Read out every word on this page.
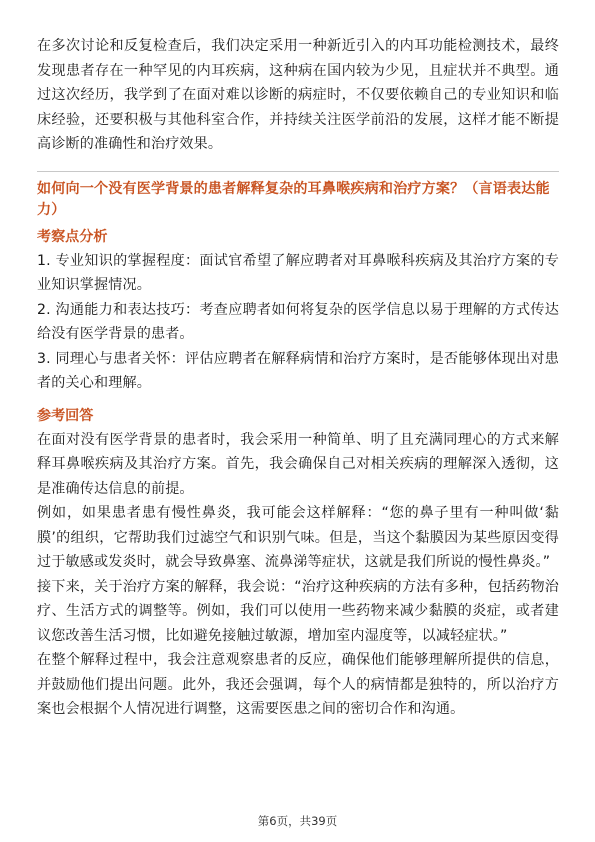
在多次讨论和反复检查后，我们决定采用一种新近引入的内耳功能检测技术，最终发现患者存在一种罕见的内耳疾病，这种病在国内较为少见，且症状并不典型。通过这次经历，我学到了在面对难以诊断的病症时，不仅要依赖自己的专业知识和临床经验，还要积极与其他科室合作，并持续关注医学前沿的发展，这样才能不断提高诊断的准确性和治疗效果。

如何向一个没有医学背景的患者解释复杂的耳鼻喉疾病和治疗方案？（言语表达能力）
考察点分析

1. 专业知识的掌握程度：面试官希望了解应聘者对耳鼻喉科疾病及其治疗方案的专业知识掌握情况。

2. 沟通能力和表达技巧：考查应聘者如何将复杂的医学信息以易于理解的方式传达给没有医学背景的患者。

3. 同理心与患者关怀：评估应聘者在解释病情和治疗方案时，是否能够体现出对患者的关心和理解。

参考回答

在面对没有医学背景的患者时，我会采用一种简单、明了且充满同理心的方式来解释耳鼻喉疾病及其治疗方案。首先，我会确保自己对相关疾病的理解深入透彻，这是准确传达信息的前提。

例如，如果患者患有慢性鼻炎，我可能会这样解释：“您的鼻子里有一种叫做‘黏膜’的组织，它帮助我们过滤空气和识别气味。但是，当这个黏膜因为某些原因变得过于敏感或发炎时，就会导致鼻塞、流鼻涕等症状，这就是我们所说的慢性鼻炎。”

接下来，关于治疗方案的解释，我会说：“治疗这种疾病的方法有多种，包括药物治疗、生活方式的调整等。例如，我们可以使用一些药物来减少黏膜的炎症，或者建议您改善生活习惯，比如避免接触过敏源，增加室内湿度等，以减轻症状。”

在整个解释过程中，我会注意观察患者的反应，确保他们能够理解所提供的信息，并鼓励他们提出问题。此外，我还会强调，每个人的病情都是独特的，所以治疗方案也会根据个人情况进行调整，这需要医患之间的密切合作和沟通。

第6页，共39页
